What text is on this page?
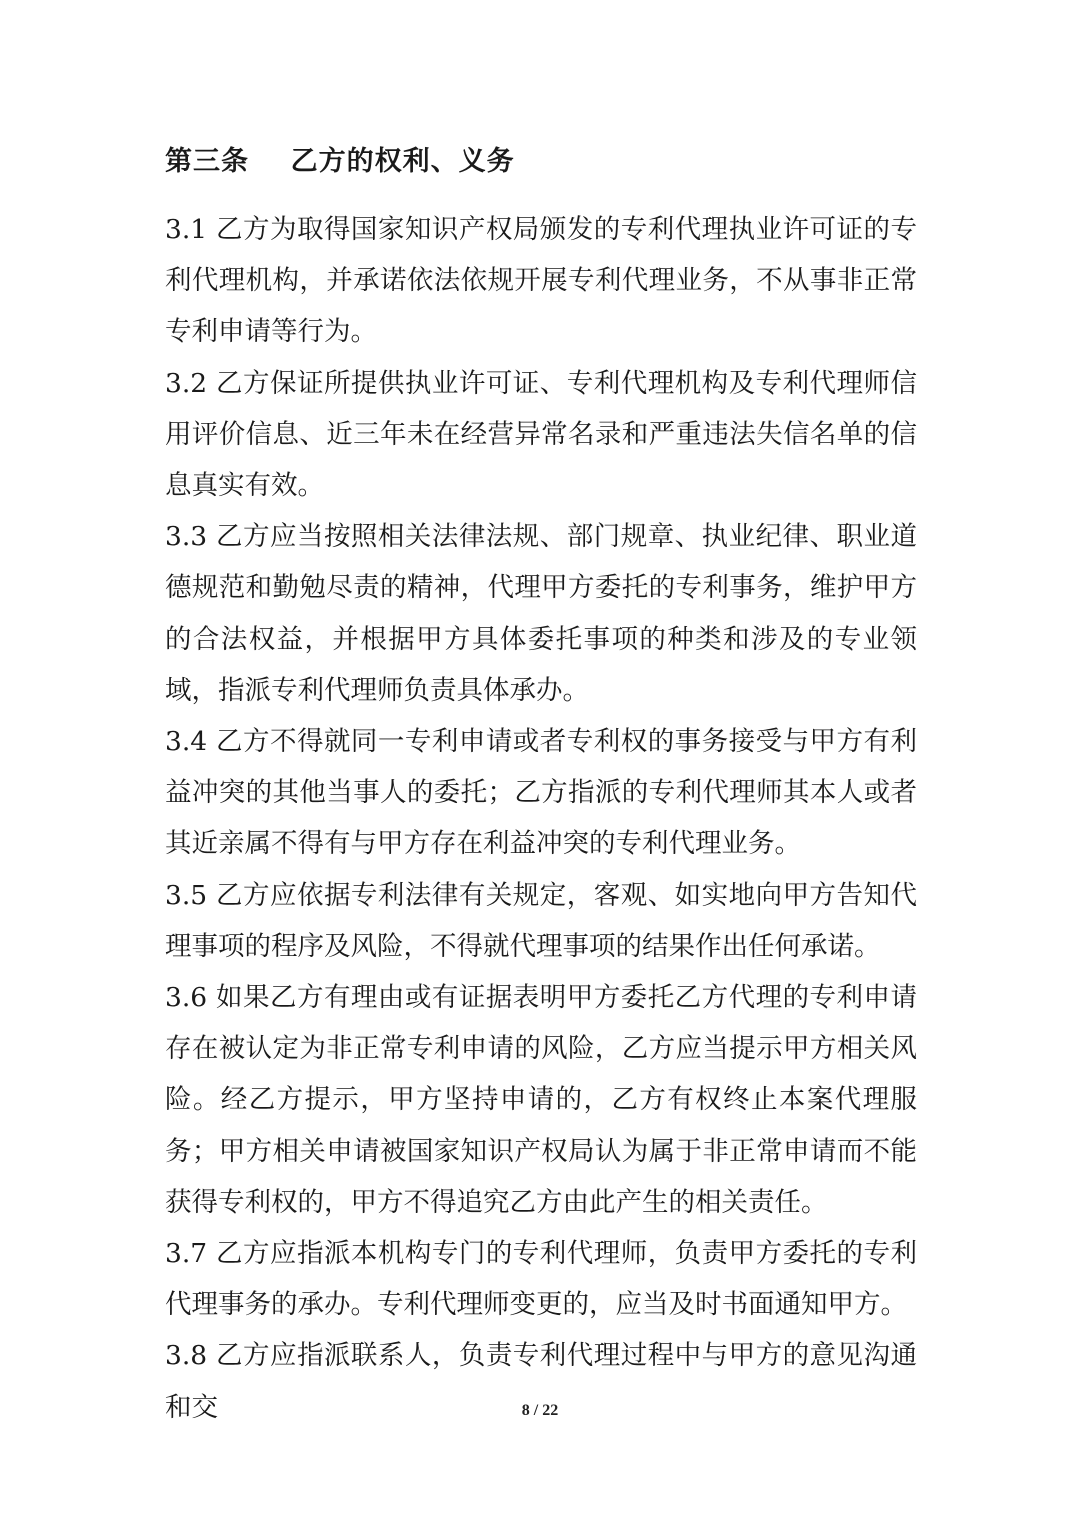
第三条    乙方的权利、义务

3.1 乙方为取得国家知识产权局颁发的专利代理执业许可证的专利代理机构，并承诺依法依规开展专利代理业务，不从事非正常专利申请等行为。

3.2 乙方保证所提供执业许可证、专利代理机构及专利代理师信用评价信息、近三年未在经营异常名录和严重违法失信名单的信息真实有效。

3.3 乙方应当按照相关法律法规、部门规章、执业纪律、职业道德规范和勤勉尽责的精神，代理甲方委托的专利事务，维护甲方的合法权益，并根据甲方具体委托事项的种类和涉及的专业领域，指派专利代理师负责具体承办。

3.4 乙方不得就同一专利申请或者专利权的事务接受与甲方有利益冲突的其他当事人的委托；乙方指派的专利代理师其本人或者其近亲属不得有与甲方存在利益冲突的专利代理业务。

3.5 乙方应依据专利法律有关规定，客观、如实地向甲方告知代理事项的程序及风险，不得就代理事项的结果作出任何承诺。

3.6 如果乙方有理由或有证据表明甲方委托乙方代理的专利申请存在被认定为非正常专利申请的风险，乙方应当提示甲方相关风险。经乙方提示，甲方坚持申请的，乙方有权终止本案代理服务；甲方相关申请被国家知识产权局认为属于非正常申请而不能获得专利权的，甲方不得追究乙方由此产生的相关责任。

3.7 乙方应指派本机构专门的专利代理师，负责甲方委托的专利代理事务的承办。专利代理师变更的，应当及时书面通知甲方。

3.8 乙方应指派联系人，负责专利代理过程中与甲方的意见沟通和交	8 / 22
